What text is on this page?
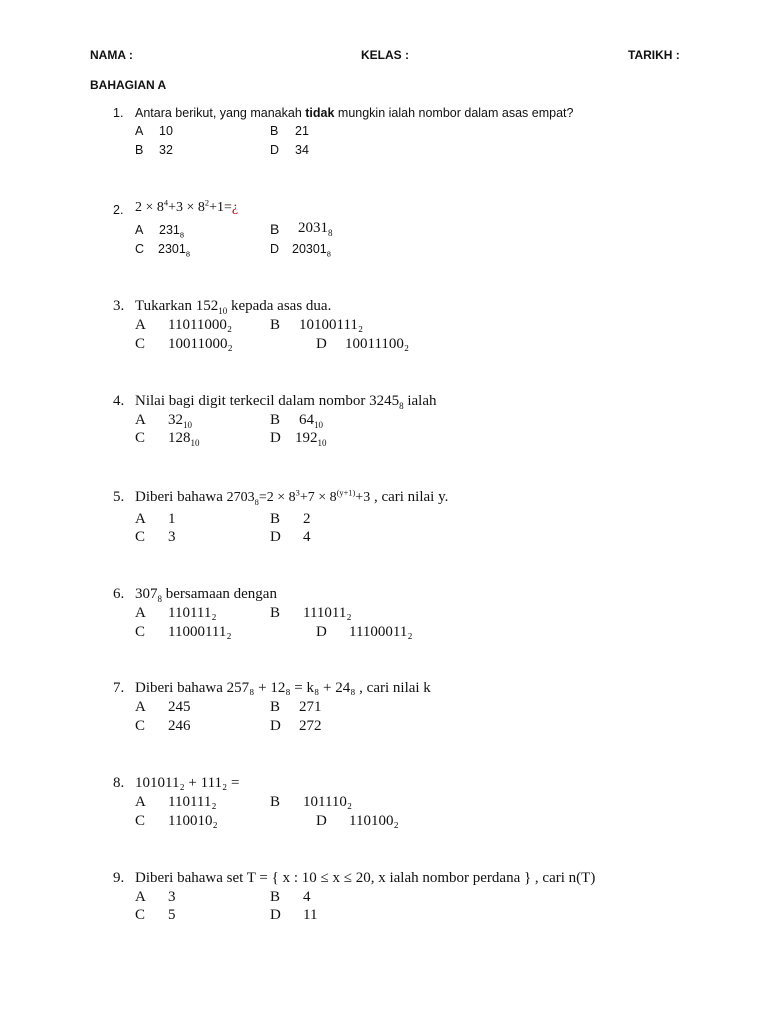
NAMA :	KELAS :	TARIKH :
BAHAGIAN A
1. Antara berikut, yang manakah tidak mungkin ialah nombor dalam asas empat?
A 10	B 21
B 32	D 34
2. $2 \times 8^4+3$ × $8^2+1=¿$
A $231_8$	B $2031_8$
C $2301_8$	D $20301_8$
3. Tukarkan $152_{10}$ kepada asas dua.
A 11011000₂	B 10100111₂
C 10011000₂	D 10011100₂
4. Nilai bagi digit terkecil dalam nombor $3245_8$ ialah
A $32_{10}$	B $64_{10}$
C $128_{10}$	D $192_{10}$
5. Diberi bahawa $2703_8=2 \times 8^3+7 \times 8^{(y+1)}+3$ , cari nilai y.
A 1	B 2
C 3	D 4
6. $307_8$ bersamaan dengan
A 110111₂	B 111011₂
C 11000111₂	D 11100011₂
7. Diberi bahawa 257₈ + 12₈ = k₈ + 24₈ , cari nilai k
A 245	B 271
C 246	D 272
8. 101011₂ + 111₂ =
A 110111₂	B 101110₂
C 110010₂	D 110100₂
9. Diberi bahawa set T = { x : 10 ≤ x ≤ 20, x ialah nombor perdana } , cari n(T)
A 3	B 4
C 5	D 11
